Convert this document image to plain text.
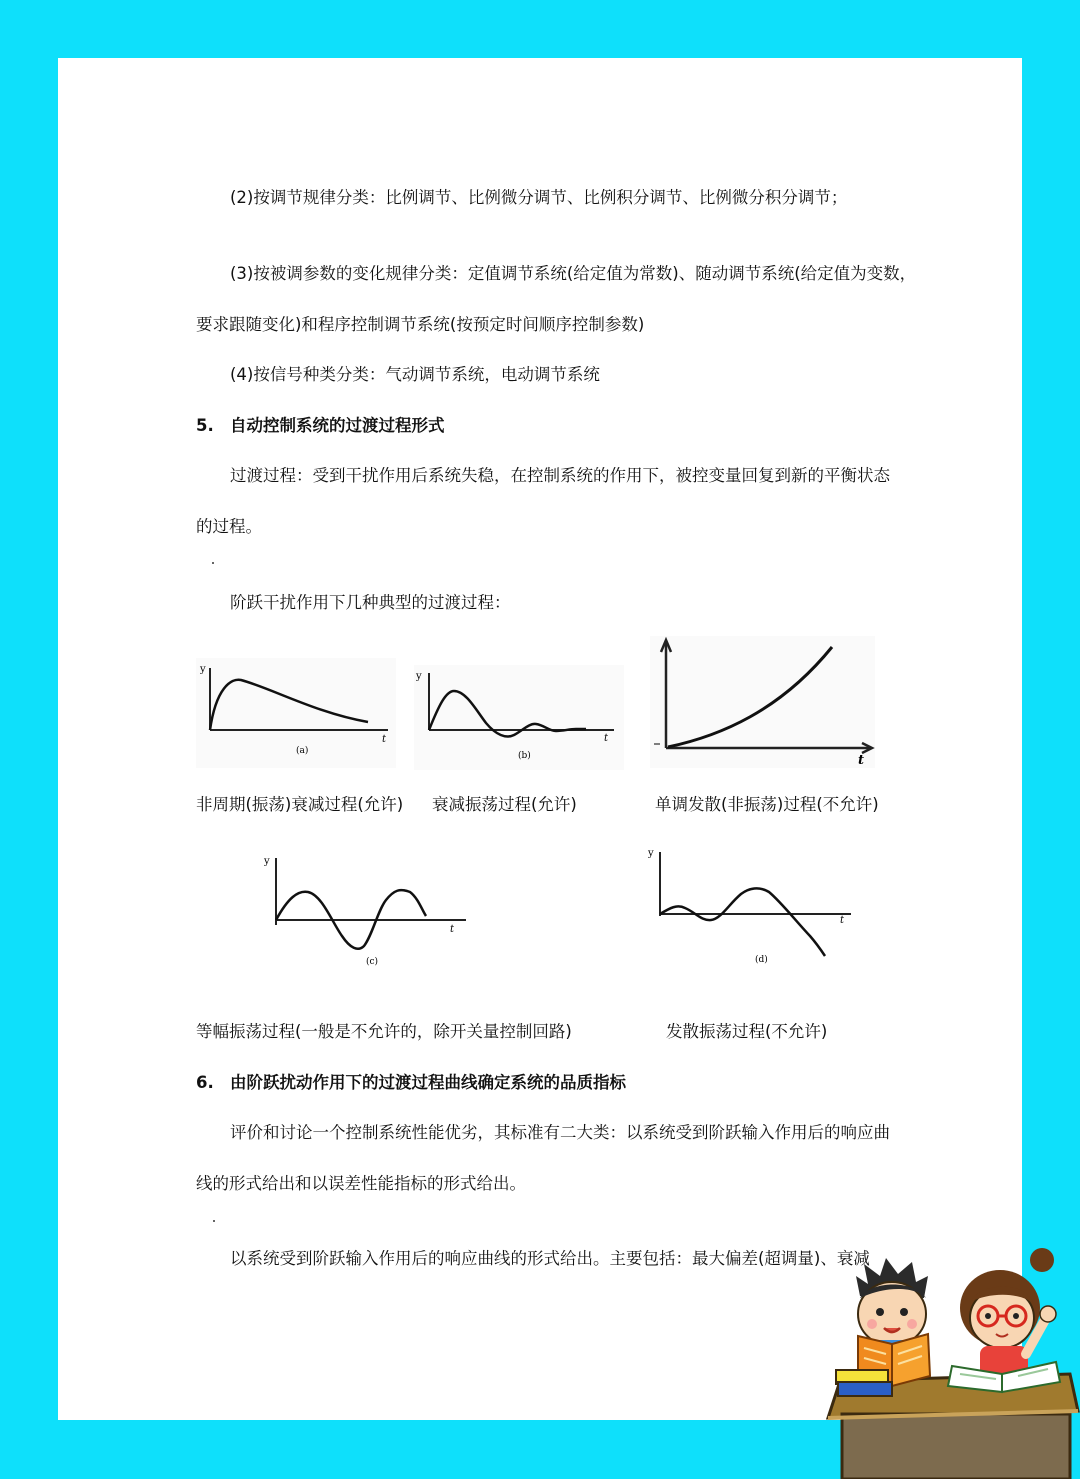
(2)按调节规律分类：比例调节、比例微分调节、比例积分调节、比例微分积分调节；
(3)按被调参数的变化规律分类：定值调节系统(给定值为常数)、随动调节系统(给定值为变数，
要求跟随变化)和程序控制调节系统(按预定时间顺序控制参数)
(4)按信号种类分类：气动调节系统，电动调节系统
5. 自动控制系统的过渡过程形式
过渡过程：受到干扰作用后系统失稳，在控制系统的作用下，被控变量回复到新的平衡状态
的过程。
阶跃干扰作用下几种典型的过渡过程：
y
t
(a)
y
t
(b)	t
非周期(振荡)衰减过程(允许) 衰减振荡过程(允许)	单调发散(非振荡)过程(不允许)
y
t
(c)
y
t
(d)
等幅振荡过程(一般是不允许的，除开关量控制回路)	发散振荡过程(不允许)
6. 由阶跃扰动作用下的过渡过程曲线确定系统的品质指标
评价和讨论一个控制系统性能优劣，其标准有二大类：以系统受到阶跃输入作用后的响应曲
线的形式给出和以误差性能指标的形式给出。
以系统受到阶跃输入作用后的响应曲线的形式给出。主要包括：最大偏差(超调量)、衰减
